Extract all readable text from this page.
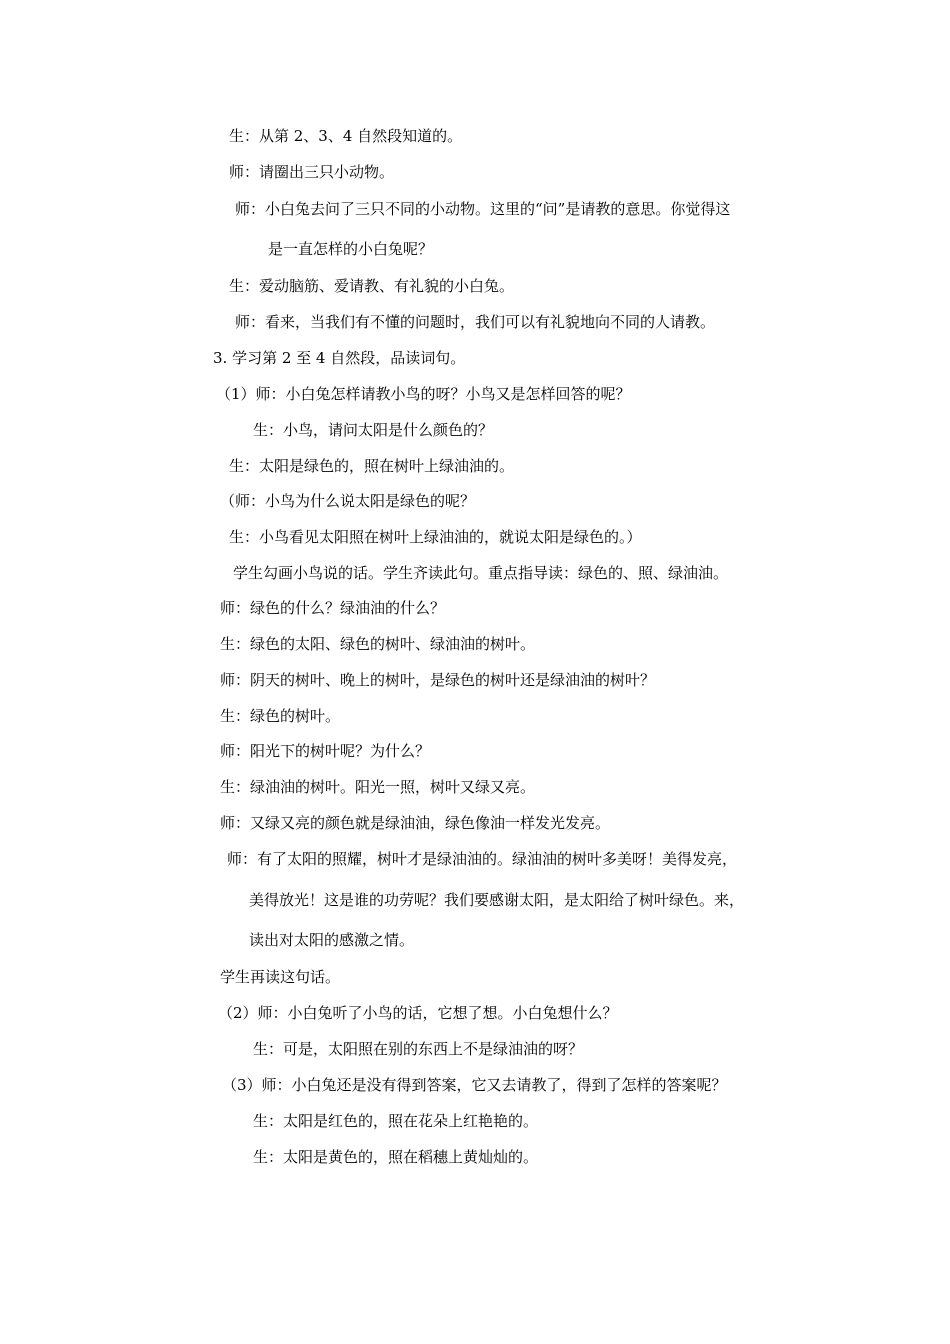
生：从第 2、3、4 自然段知道的。
师：请圈出三只小动物。
师：小白兔去问了三只不同的小动物。这里的“问”是请教的意思。你觉得这
是一直怎样的小白兔呢？
生：爱动脑筋、爱请教、有礼貌的小白兔。
师：看来，当我们有不懂的问题时，我们可以有礼貌地向不同的人请教。
3. 学习第 2 至 4 自然段，品读词句。
（1）师：小白兔怎样请教小鸟的呀？小鸟又是怎样回答的呢？
生：小鸟，请问太阳是什么颜色的？
生：太阳是绿色的，照在树叶上绿油油的。
（师：小鸟为什么说太阳是绿色的呢？
生：小鸟看见太阳照在树叶上绿油油的，就说太阳是绿色的。）
学生勾画小鸟说的话。学生齐读此句。重点指导读：绿色的、照、绿油油。
师：绿色的什么？绿油油的什么？
生：绿色的太阳、绿色的树叶、绿油油的树叶。
师：阴天的树叶、晚上的树叶，是绿色的树叶还是绿油油的树叶？
生：绿色的树叶。
师：阳光下的树叶呢？为什么？
生：绿油油的树叶。阳光一照，树叶又绿又亮。
师：又绿又亮的颜色就是绿油油，绿色像油一样发光发亮。
师：有了太阳的照耀，树叶才是绿油油的。绿油油的树叶多美呀！美得发亮，
美得放光！这是谁的功劳呢？我们要感谢太阳，是太阳给了树叶绿色。来，
读出对太阳的感激之情。
学生再读这句话。
（2）师：小白兔听了小鸟的话，它想了想。小白兔想什么？
生：可是，太阳照在别的东西上不是绿油油的呀？
（3）师：小白兔还是没有得到答案，它又去请教了，得到了怎样的答案呢？
生：太阳是红色的，照在花朵上红艳艳的。
生：太阳是黄色的，照在稻穗上黄灿灿的。
